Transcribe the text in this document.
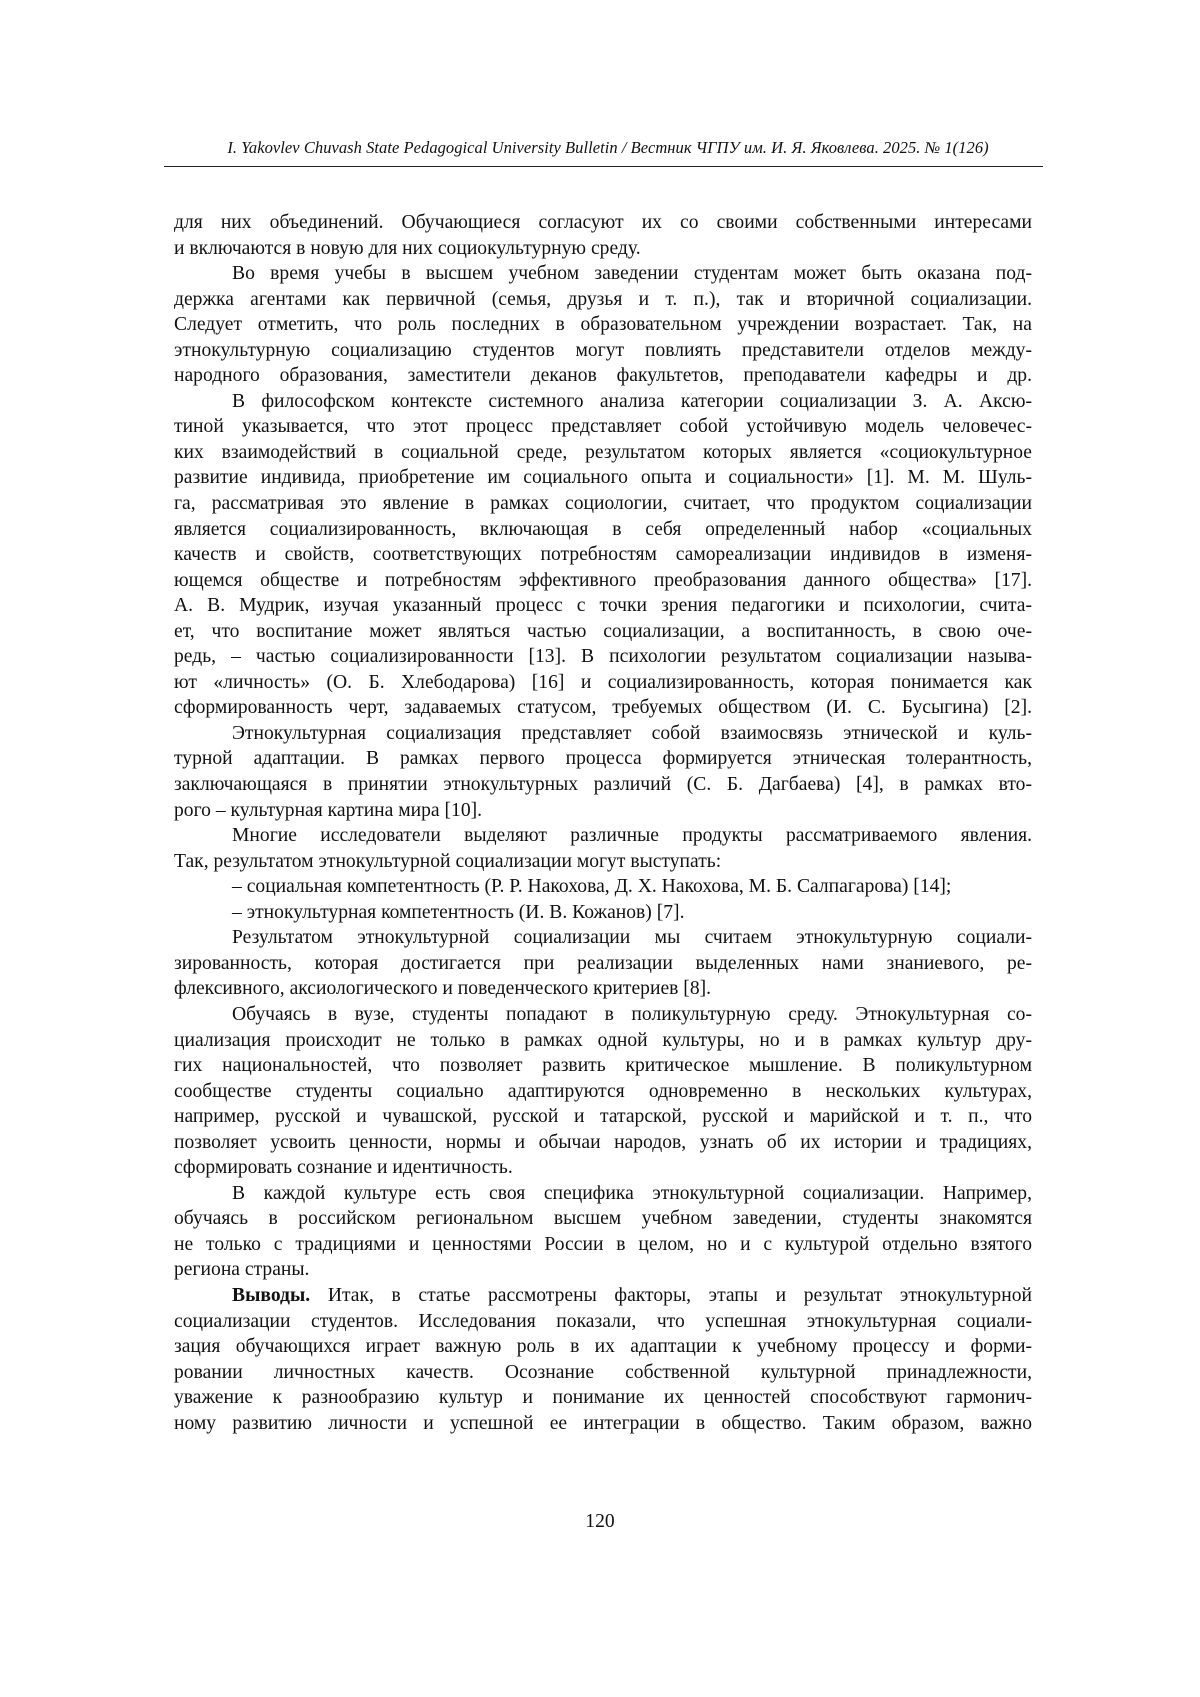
I. Yakovlev Chuvash State Pedagogical University Bulletin / Вестник ЧГПУ им. И. Я. Яковлева. 2025. № 1(126)
для них объединений. Обучающиеся согласуют их со своими собственными интересами
и включаются в новую для них социокультурную среду.
Во время учебы в высшем учебном заведении студентам может быть оказана под-
держка агентами как первичной (семья, друзья и т. п.), так и вторичной социализации.
Следует отметить, что роль последних в образовательном учреждении возрастает. Так, на
этнокультурную социализацию студентов могут повлиять представители отделов между-
народного образования, заместители деканов факультетов, преподаватели кафедры и др.
В философском контексте системного анализа категории социализации З. А. Аксю-
тиной указывается, что этот процесс представляет собой устойчивую модель человечес-
ких взаимодействий в социальной среде, результатом которых является «социокультурное
развитие индивида, приобретение им социального опыта и социальности» [1]. М. М. Шуль-
га, рассматривая это явление в рамках социологии, считает, что продуктом социализации
является социализированность, включающая в себя определенный набор «социальных
качеств и свойств, соответствующих потребностям самореализации индивидов в изменя-
ющемся обществе и потребностям эффективного преобразования данного общества» [17].
А. В. Мудрик, изучая указанный процесс с точки зрения педагогики и психологии, счита-
ет, что воспитание может являться частью социализации, а воспитанность, в свою оче-
редь, – частью социализированности [13]. В психологии результатом социализации называ-
ют «личность» (О. Б. Хлебодарова) [16] и социализированность, которая понимается как
сформированность черт, задаваемых статусом, требуемых обществом (И. С. Бусыгина) [2].
Этнокультурная социализация представляет собой взаимосвязь этнической и куль-
турной адаптации. В рамках первого процесса формируется этническая толерантность,
заключающаяся в принятии этнокультурных различий (С. Б. Дагбаева) [4], в рамках вто-
рого – культурная картина мира [10].
Многие исследователи выделяют различные продукты рассматриваемого явления.
Так, результатом этнокультурной социализации могут выступать:
– социальная компетентность (Р. Р. Накохова, Д. Х. Накохова, М. Б. Салпагарова) [14];
– этнокультурная компетентность (И. В. Кожанов) [7].
Результатом этнокультурной социализации мы считаем этнокультурную социали-
зированность, которая достигается при реализации выделенных нами знаниевого, ре-
флексивного, аксиологического и поведенческого критериев [8].
Обучаясь в вузе, студенты попадают в поликультурную среду. Этнокультурная со-
циализация происходит не только в рамках одной культуры, но и в рамках культур дру-
гих национальностей, что позволяет развить критическое мышление. В поликультурном
сообществе студенты социально адаптируются одновременно в нескольких культурах,
например, русской и чувашской, русской и татарской, русской и марийской и т. п., что
позволяет усвоить ценности, нормы и обычаи народов, узнать об их истории и традициях,
сформировать сознание и идентичность.
В каждой культуре есть своя специфика этнокультурной социализации. Например,
обучаясь в российском региональном высшем учебном заведении, студенты знакомятся
не только с традициями и ценностями России в целом, но и с культурой отдельно взятого
региона страны.
Выводы. Итак, в статье рассмотрены факторы, этапы и результат этнокультурной
социализации студентов. Исследования показали, что успешная этнокультурная социали-
зация обучающихся играет важную роль в их адаптации к учебному процессу и форми-
ровании личностных качеств. Осознание собственной культурной принадлежности,
уважение к разнообразию культур и понимание их ценностей способствуют гармонич-
ному развитию личности и успешной ее интеграции в общество. Таким образом, важно
120
